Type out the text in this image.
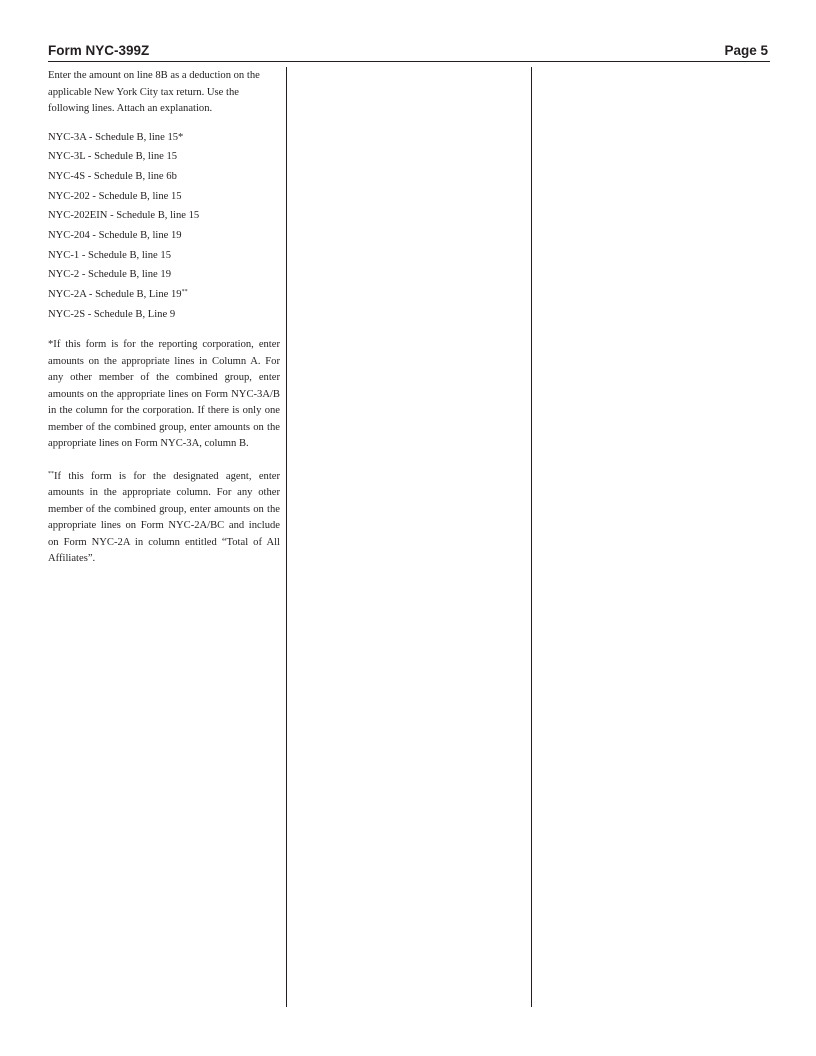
Form NYC-399Z	Page 5

Enter the amount on line 8B as a deduction on the applicable New York City tax return. Use the following lines. Attach an explanation.

NYC-3A - Schedule B, line 15*
NYC-3L - Schedule B, line 15
NYC-4S - Schedule B, line 6b
NYC-202 - Schedule B, line 15
NYC-202EIN - Schedule B, line 15
NYC-204 - Schedule B, line 19
NYC-1 - Schedule B, line 15
NYC-2 - Schedule B, line 19
NYC-2A - Schedule B, Line 19**
NYC-2S - Schedule B, Line 9

*If this form is for the reporting corporation, enter amounts on the appropriate lines in Column A. For any other member of the combined group, enter amounts on the appropriate lines on Form NYC-3A/B in the column for the corporation. If there is only one member of the combined group, enter amounts on the appropriate lines on Form NYC-3A, column B.

**If this form is for the designated agent, enter amounts in the appropriate column. For any other member of the combined group, enter amounts on the appropriate lines on Form NYC-2A/BC and include on Form NYC-2A in column entitled “Total of All Affiliates”.
